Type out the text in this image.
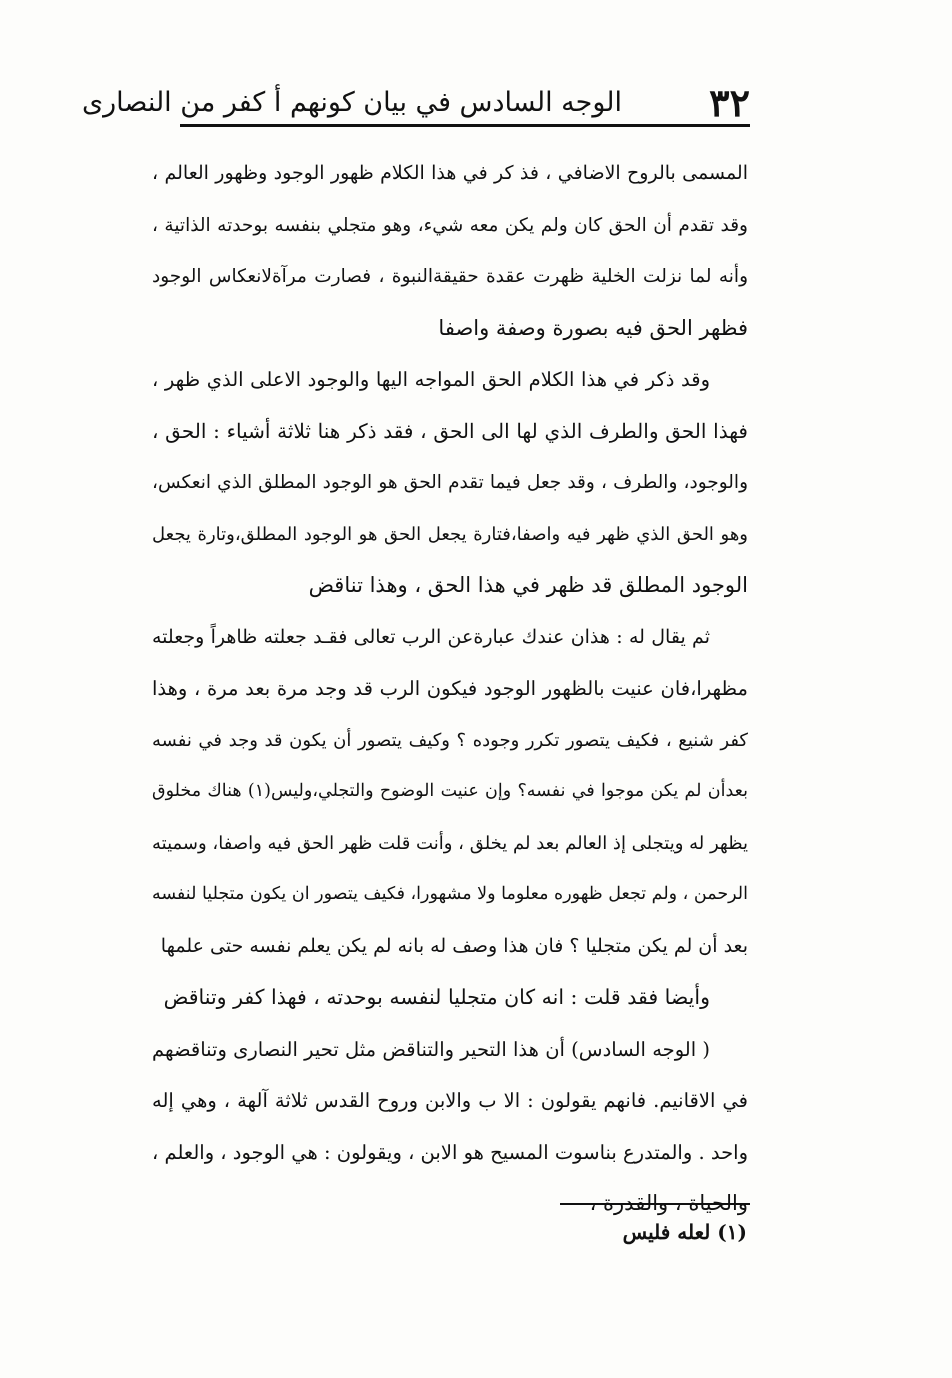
٣٢
الوجه السادس في بيان كونهم أ كفر من النصارى
المسمى بالروح الاضافي ، فذ كر في هذا الكلام ظهور الوجود وظهور العالم ،
وقد تقدم أن الحق كان ولم يكن معه شيء، وهو متجلي بنفسه بوحدته الذاتية ،
وأنه لما نزلت الخلية ظهرت عقدة حقيقةالنبوة ، فصارت مرآةلانعكاس الوجود
فظهر الحق فيه بصورة وصفة واصفا
وقد ذكر في هذا الكلام الحق المواجه اليها والوجود الاعلى الذي ظهر ،
فهذا الحق والطرف الذي لها الى الحق ، فقد ذكر هنا ثلاثة أشياء : الحق ،
والوجود، والطرف ، وقد جعل فيما تقدم الحق هو الوجود المطلق الذي انعكس،
وهو الحق الذي ظهر فيه واصفا،فتارة يجعل الحق هو الوجود المطلق،وتارة يجعل
الوجود المطلق قد ظهر في هذا الحق ، وهذا تناقض
ثم يقال له : هذان عندك عبارةعن الرب تعالى فقـد جعلته ظاهراً وجعلته
مظهرا،فان عنيت بالظهور الوجود فيكون الرب قد وجد مرة بعد مرة ، وهذا
كفر شنيع ، فكيف يتصور تكرر وجوده ؟ وكيف يتصور أن يكون قد وجد في نفسه
بعدأن لم يكن موجوا في نفسه؟ وإن عنيت الوضوح والتجلي،وليس(١) هناك مخلوق
يظهر له ويتجلى إذ العالم بعد لم يخلق ، وأنت قلت ظهر الحق فيه واصفا، وسميته
الرحمن ، ولم تجعل ظهوره معلوما ولا مشهورا، فكيف يتصور ان يكون متجليا لنفسه
بعد أن لم يكن متجليا ؟ فان هذا وصف له بانه لم يكن يعلم نفسه حتى علمها
وأيضا فقد قلت : انه كان متجليا لنفسه بوحدته ، فهذا كفر وتناقض
( الوجه السادس) أن هذا التحير والتناقض مثل تحير النصارى وتناقضهم
في الاقانيم. فانهم يقولون : الا ب والابن وروح القدس ثلاثة آلهة ، وهي إله
واحد . والمتدرع بناسوت المسيح هو الابن ، ويقولون : هي الوجود ، والعلم ،
والحياة ، والقدرة ،
(١) لعله فليس
